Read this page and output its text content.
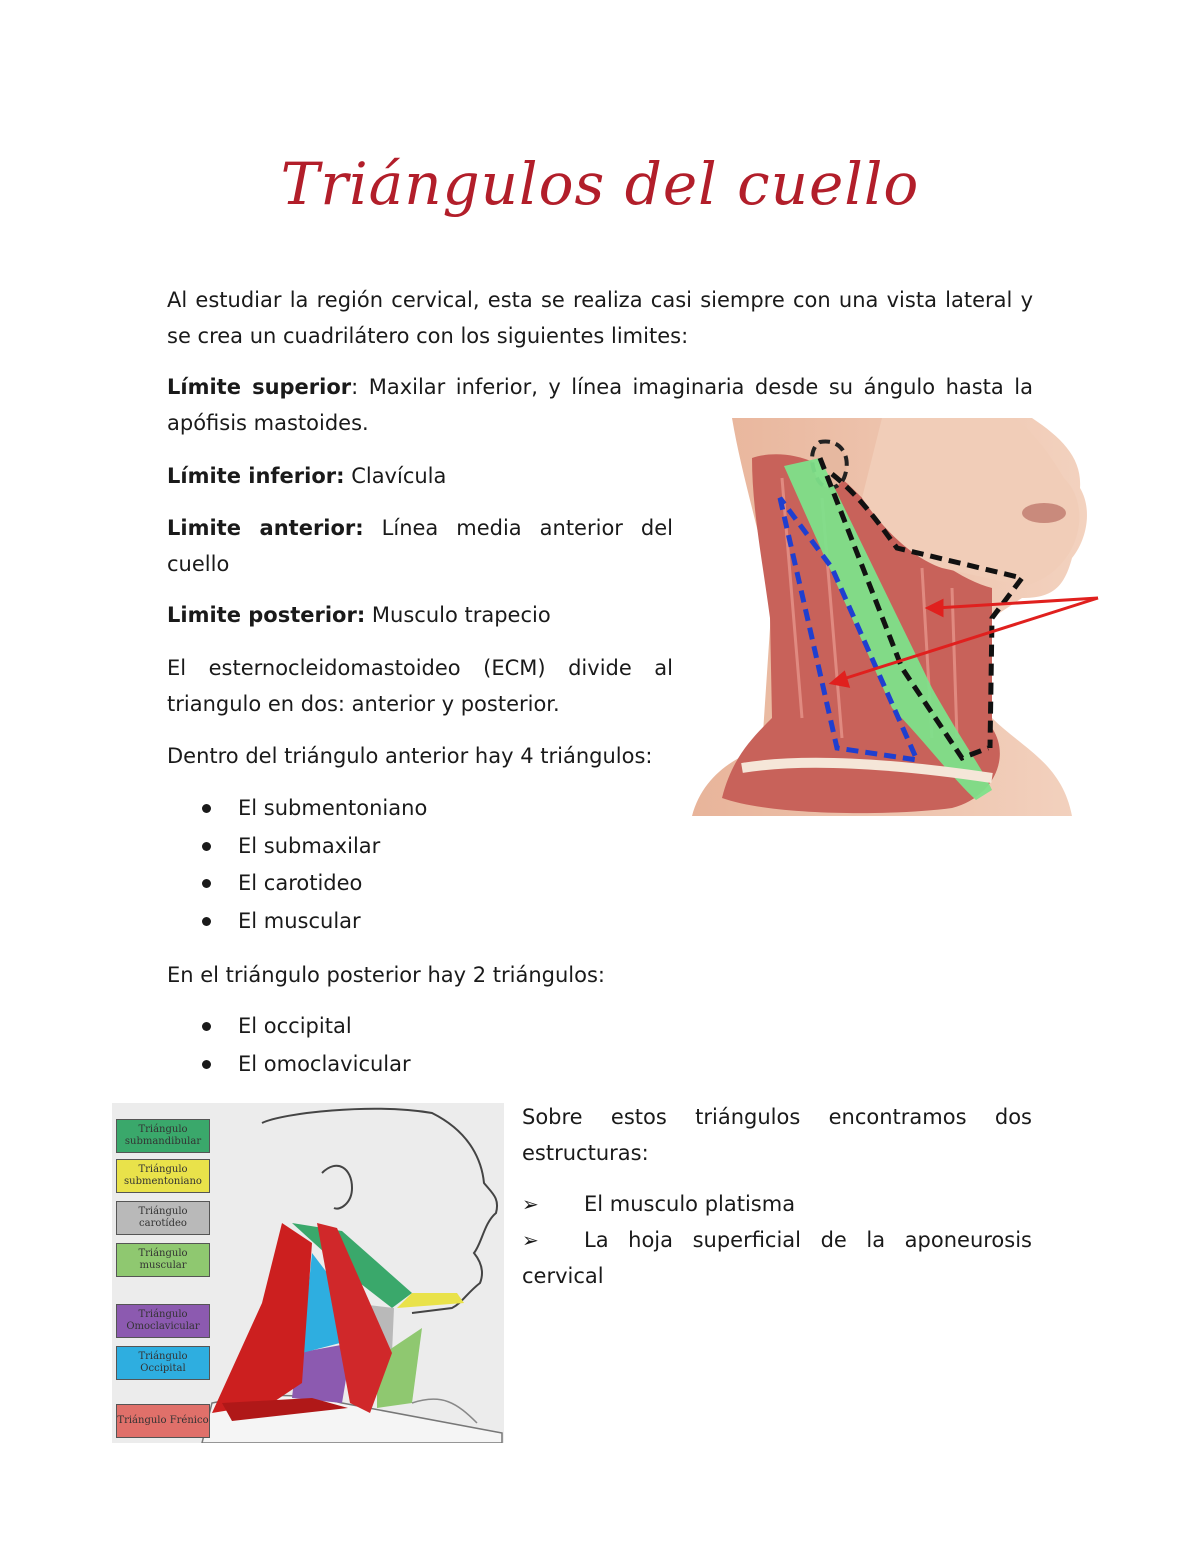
Triángulos del cuello

Al estudiar la región cervical, esta se realiza casi siempre con una vista lateral y se crea un cuadrilátero con los siguientes limites:

Límite superior: Maxilar inferior, y línea imaginaria desde su ángulo hasta la apófisis mastoides.

Límite inferior: Clavícula

Limite anterior: Línea media anterior del cuello

Limite posterior: Musculo trapecio

El esternocleidomastoideo (ECM) divide al triangulo en dos: anterior y posterior.

Dentro del triángulo anterior hay 4 triángulos:

El submentoniano
El submaxilar
El carotideo
El muscular

En el triángulo posterior hay 2 triángulos:

El occipital
El omoclavicular

Sobre estos triángulos encontramos dos estructuras:

➢ El musculo platisma
➢ La hoja superficial de la aponeurosis cervical
Triángulo submandibular
Triángulo submentoniano
Triángulo carotídeo
Triángulo muscular
Triángulo Omoclavicular
Triángulo Occipital
Triángulo Frénico
